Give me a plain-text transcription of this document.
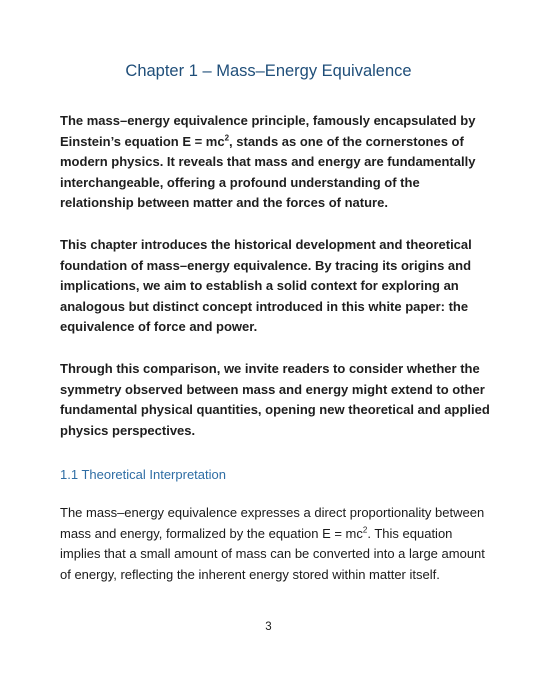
Chapter 1 – Mass–Energy Equivalence

The mass–energy equivalence principle, famously encapsulated by Einstein’s equation $E = mc^2$, stands as one of the cornerstones of modern physics. It reveals that mass and energy are fundamentally interchangeable, offering a profound understanding of the relationship between matter and the forces of nature.

This chapter introduces the historical development and theoretical foundation of mass–energy equivalence. By tracing its origins and implications, we aim to establish a solid context for exploring an analogous but distinct concept introduced in this white paper: the equivalence of force and power.

Through this comparison, we invite readers to consider whether the symmetry observed between mass and energy might extend to other fundamental physical quantities, opening new theoretical and applied physics perspectives.

1.1 Theoretical Interpretation

The mass–energy equivalence expresses a direct proportionality between mass and energy, formalized by the equation $E = mc^2$. This equation implies that a small amount of mass can be converted into a large amount of energy, reflecting the inherent energy stored within matter itself.

3
